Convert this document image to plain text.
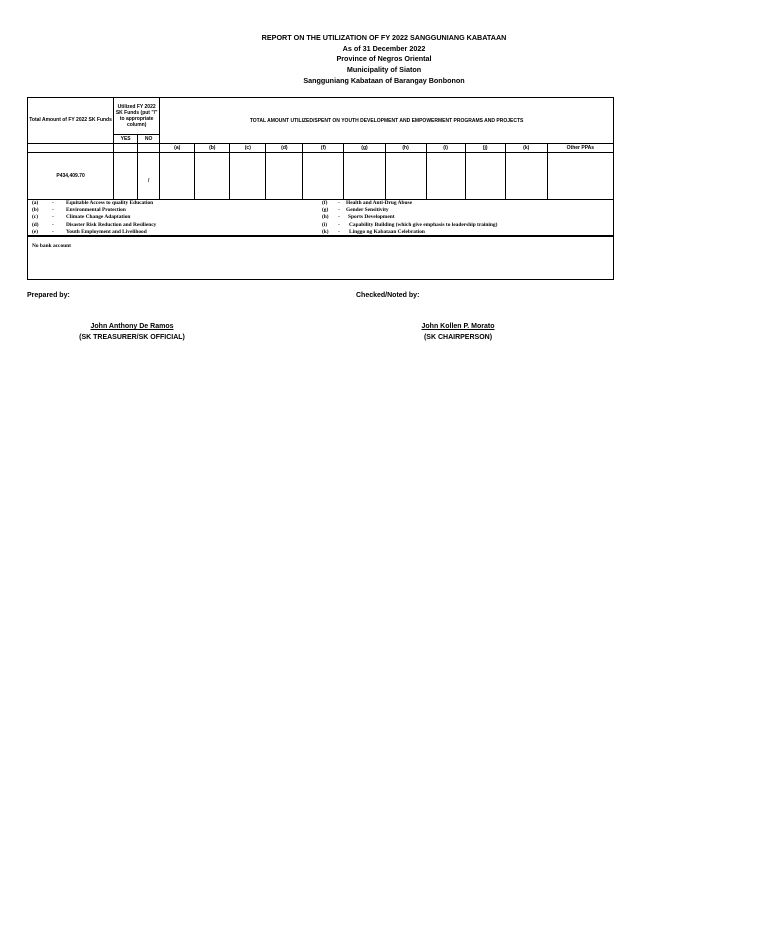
REPORT ON THE UTILIZATION OF FY 2022 SANGGUNIANG KABATAAN
As of 31 December 2022
Province of Negros Oriental
Municipality of Siaton
Sangguniang Kabataan of Barangay Bonbonon
Total Amount of FY 2022 SK Funds	Utilized FY 2022 SK Funds (put "/" to appropriate column)		TOTAL AMOUNT UTILIZED/SPENT ON YOUTH DEVELOPMENT AND EMPOWERMENT PROGRAMS AND PROJECTS										
	YES	NO											
			(a)	(b)	(c)	(d)	(f)	(g)	(h)	(i)	(j)	(k)	Other PPAs
P434,409.70		/											
(a)	- Equitable Access to quality Education
(b) - Environmental Protection
(c)	- Climate Change Adaptation
(d) - Disaster Risk Reduction and Resiliency
(e)	- Youth Employment and Livelihood
(f) - Health and Anti-Drug Abuse
(g) - Gender Sensitivity
(h) - Sports Development
(i) - Capability Building (which give emphasis to leadership training)
(k) - Linggo ng Kabataan Celebration
No bank account
Prepared by:	Checked/Noted by:
John Anthony De Ramos
(SK TREASURER/SK OFFICIAL)
John Kollen P. Morato
(SK CHAIRPERSON)
